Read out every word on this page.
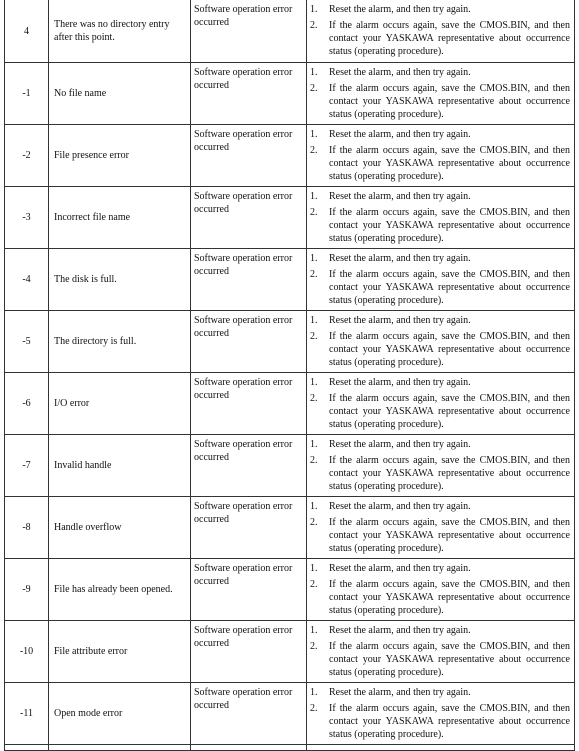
4	There was no directory entry after this point.	Software operation error occurred	1. Reset the alarm, and then try again.
2. If the alarm occurs again, save the CMOS.BIN, and then contact your YASKAWA representative about occurrence status (operating procedure).

-1	No file name	Software operation error occurred	1. Reset the alarm, and then try again.
2. If the alarm occurs again, save the CMOS.BIN, and then contact your YASKAWA representative about occurrence status (operating procedure).

-2	File presence error	Software operation error occurred	1. Reset the alarm, and then try again.
2. If the alarm occurs again, save the CMOS.BIN, and then contact your YASKAWA representative about occurrence status (operating procedure).

-3	Incorrect file name	Software operation error occurred	1. Reset the alarm, and then try again.
2. If the alarm occurs again, save the CMOS.BIN, and then contact your YASKAWA representative about occurrence status (operating procedure).

-4	The disk is full.	Software operation error occurred	1. Reset the alarm, and then try again.
2. If the alarm occurs again, save the CMOS.BIN, and then contact your YASKAWA representative about occurrence status (operating procedure).

-5	The directory is full.	Software operation error occurred	1. Reset the alarm, and then try again.
2. If the alarm occurs again, save the CMOS.BIN, and then contact your YASKAWA representative about occurrence status (operating procedure).

-6	I/O error	Software operation error occurred	1. Reset the alarm, and then try again.
2. If the alarm occurs again, save the CMOS.BIN, and then contact your YASKAWA representative about occurrence status (operating procedure).

-7	Invalid handle	Software operation error occurred	1. Reset the alarm, and then try again.
2. If the alarm occurs again, save the CMOS.BIN, and then contact your YASKAWA representative about occurrence status (operating procedure).

-8	Handle overflow	Software operation error occurred	1. Reset the alarm, and then try again.
2. If the alarm occurs again, save the CMOS.BIN, and then contact your YASKAWA representative about occurrence status (operating procedure).

-9	File has already been opened.	Software operation error occurred	1. Reset the alarm, and then try again.
2. If the alarm occurs again, save the CMOS.BIN, and then contact your YASKAWA representative about occurrence status (operating procedure).

-10	File attribute error	Software operation error occurred	1. Reset the alarm, and then try again.
2. If the alarm occurs again, save the CMOS.BIN, and then contact your YASKAWA representative about occurrence status (operating procedure).

-11	Open mode error	Software operation error occurred	1. Reset the alarm, and then try again.
2. If the alarm occurs again, save the CMOS.BIN, and then contact your YASKAWA representative about occurrence status (operating procedure).
